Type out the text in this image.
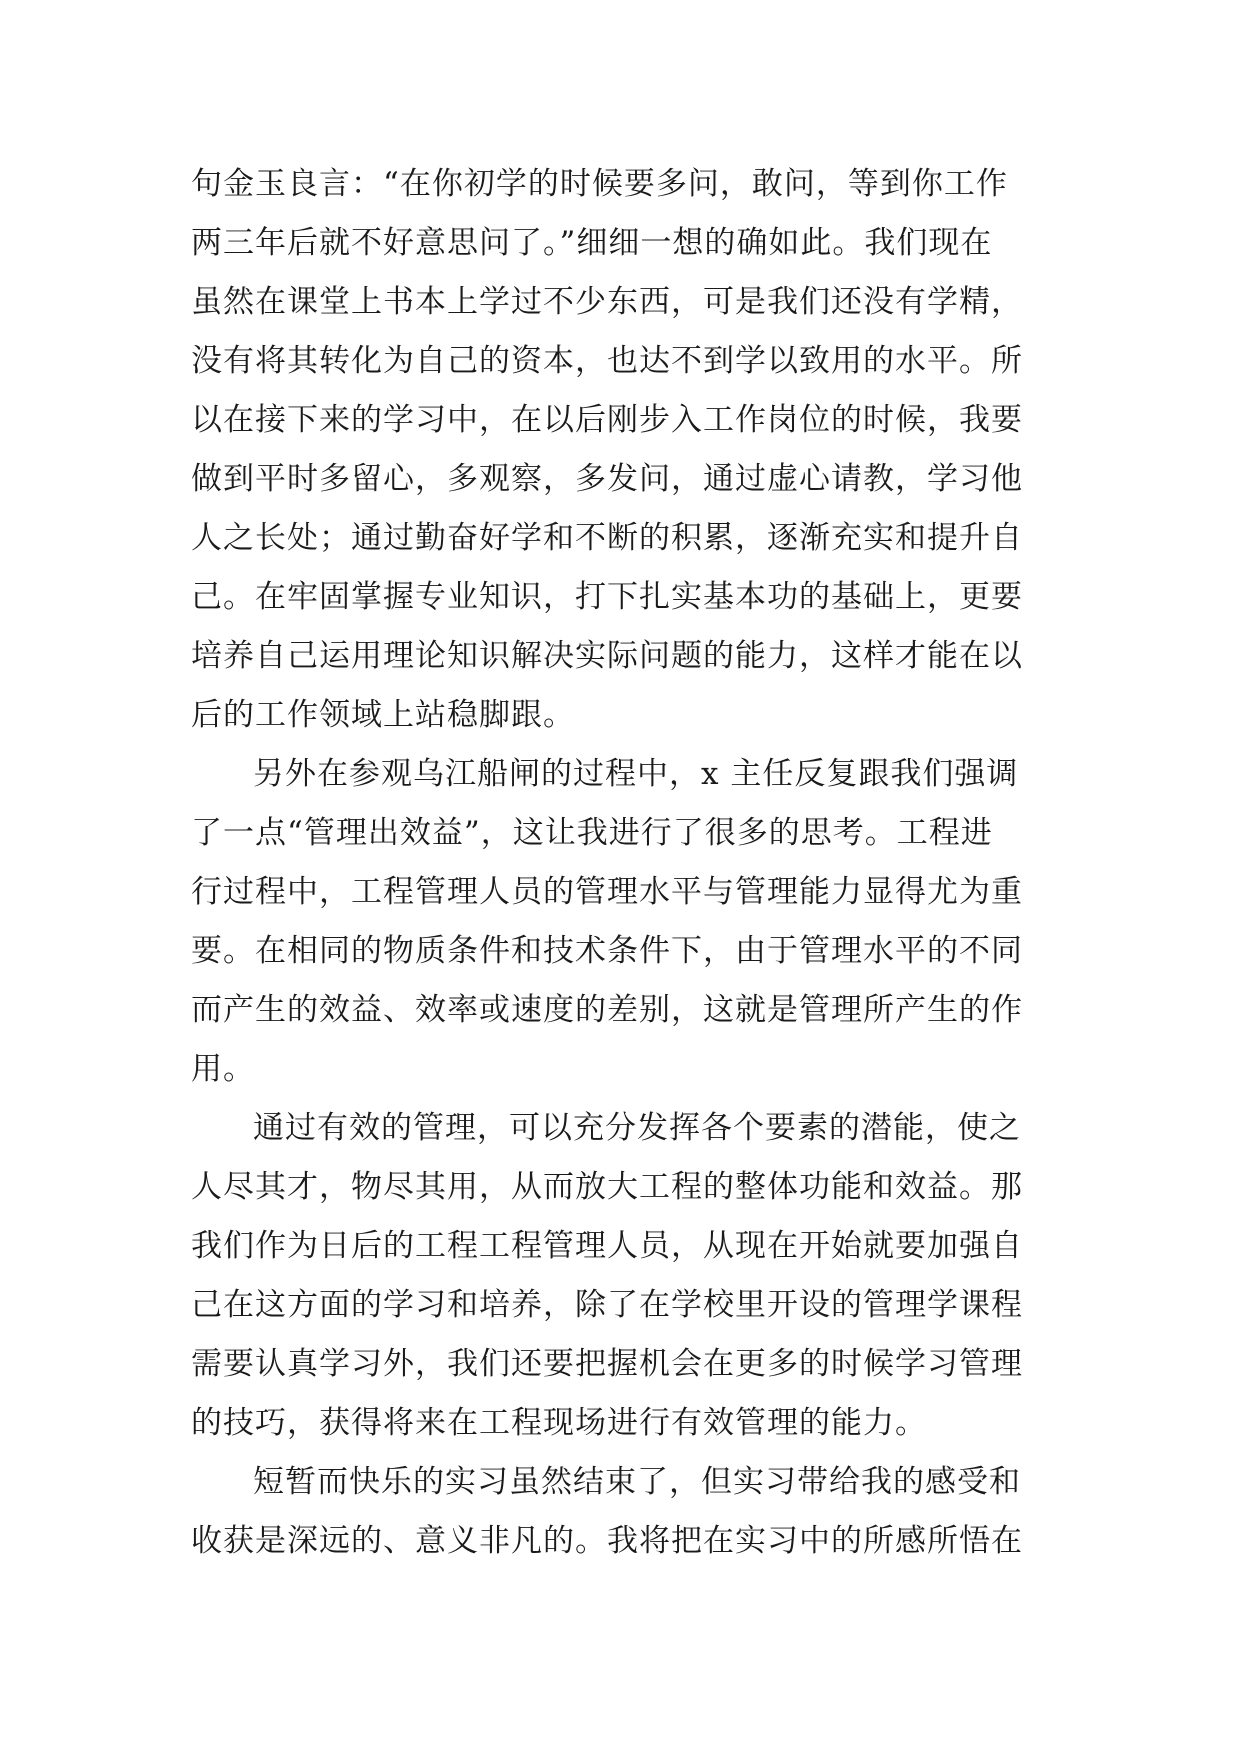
句金玉良言：“在你初学的时候要多问，敢问，等到你工作
两三年后就不好意思问了。”细细一想的确如此。我们现在
虽然在课堂上书本上学过不少东西，可是我们还没有学精，
没有将其转化为自己的资本，也达不到学以致用的水平。所
以在接下来的学习中，在以后刚步入工作岗位的时候，我要
做到平时多留心，多观察，多发问，通过虚心请教，学习他
人之长处；通过勤奋好学和不断的积累，逐渐充实和提升自
己。在牢固掌握专业知识，打下扎实基本功的基础上，更要
培养自己运用理论知识解决实际问题的能力，这样才能在以
后的工作领域上站稳脚跟。
另外在参观乌江船闸的过程中，x 主任反复跟我们强调
了一点“管理出效益”，这让我进行了很多的思考。工程进
行过程中，工程管理人员的管理水平与管理能力显得尤为重
要。在相同的物质条件和技术条件下，由于管理水平的不同
而产生的效益、效率或速度的差别，这就是管理所产生的作
用。
通过有效的管理，可以充分发挥各个要素的潜能，使之
人尽其才，物尽其用，从而放大工程的整体功能和效益。那
我们作为日后的工程工程管理人员，从现在开始就要加强自
己在这方面的学习和培养，除了在学校里开设的管理学课程
需要认真学习外，我们还要把握机会在更多的时候学习管理
的技巧，获得将来在工程现场进行有效管理的能力。
短暂而快乐的实习虽然结束了，但实习带给我的感受和
收获是深远的、意义非凡的。我将把在实习中的所感所悟在
